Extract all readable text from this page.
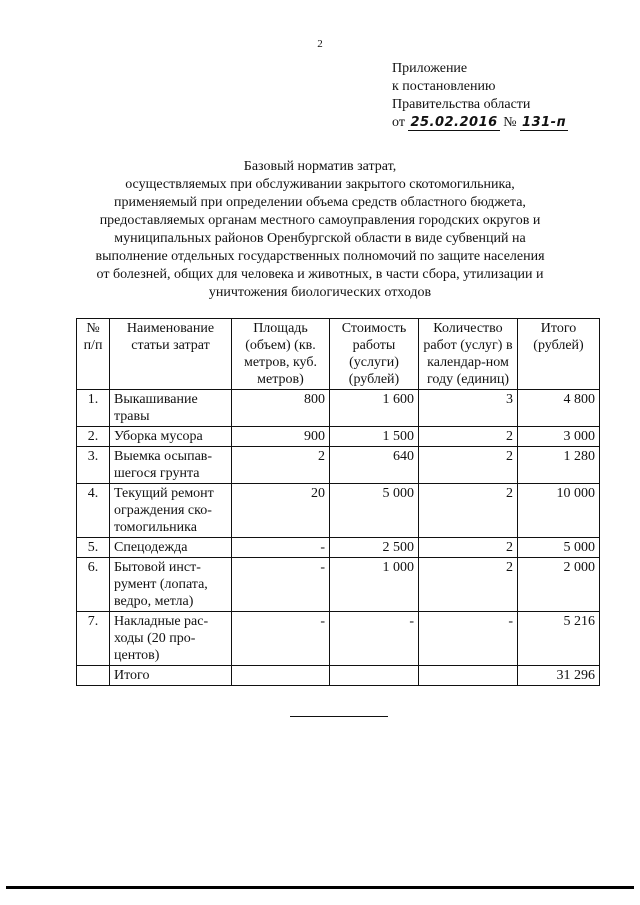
2
Приложение
к постановлению
Правительства области
от 25.02.2016 № 131-п
Базовый норматив затрат,
осуществляемых при обслуживании закрытого скотомогильника,
применяемый при определении объема средств областного бюджета,
предоставляемых органам местного самоуправления городских округов и
муниципальных районов Оренбургской области в виде субвенций на
выполнение отдельных государственных полномочий по защите населения
от болезней, общих для человека и животных, в части сбора, утилизации и
уничтожения биологических отходов
№ п/п	Наименование статьи затрат	Площадь (объем) (кв. метров, куб. метров)	Стоимость работы (услуги) (рублей)	Количество работ (услуг) в календар-ном году (единиц)	Итого (рублей)
1.	Выкашивание травы	800	1 600	3	4 800
2.	Уборка мусора	900	1 500	2	3 000
3.	Выемка осыпав-шегося грунта	2	640	2	1 280
4.	Текущий ремонт ограждения ско-томогильника	20	5 000	2	10 000
5.	Спецодежда	-	2 500	2	5 000
6.	Бытовой инст-румент (лопата, ведро, метла)	-	1 000	2	2 000
7.	Накладные рас-ходы (20 про-центов)	-	-	-	5 216
	Итого				31 296
